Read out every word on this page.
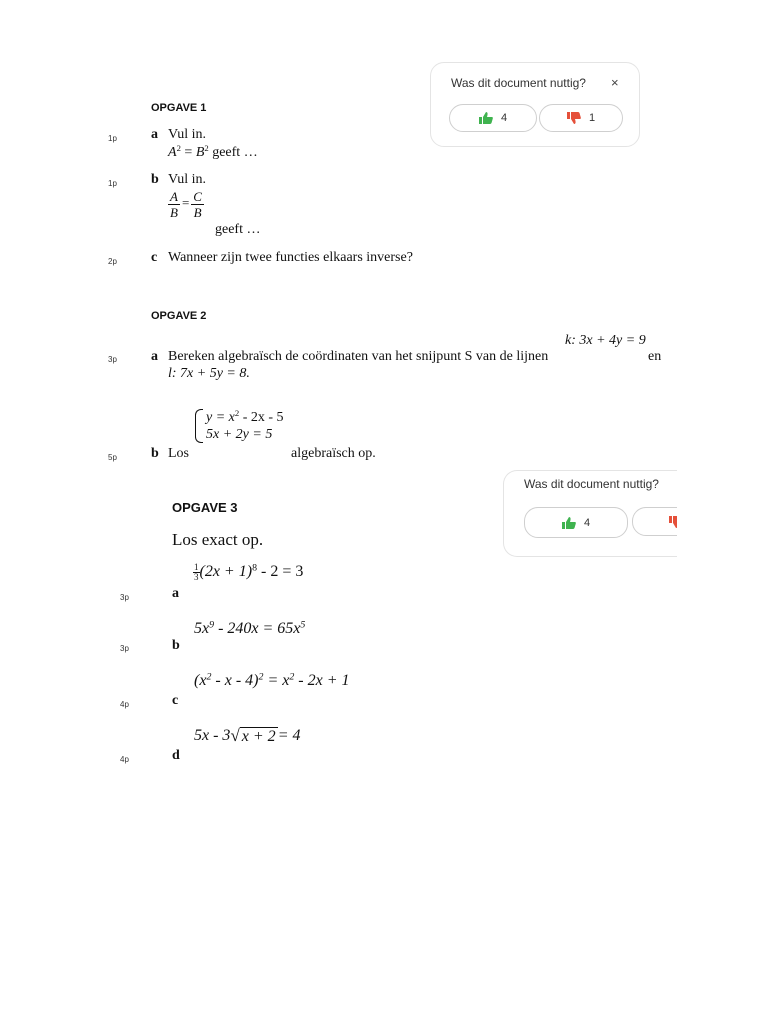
Was dit document nuttig? ×
4	1
OPGAVE 1
1p a Vul in.
$A^2 = B^2$ geeft …
1p b Vul in.
$\frac{A}{B} = \frac{C}{B}$
geeft …
2p c Wanneer zijn twee functies elkaars inverse?
OPGAVE 2
k: 3x + 4y = 9
3p a Bereken algebraïsch de coördinaten van het snijpunt S van de lijnen	en
l: 7x + 5y = 8.
$y = x^2 - 2x - 5$
5x + 2y = 5
5p b Los	algebraïsch op.
Was dit document nuttig?
4
OPGAVE 3
Los exact op.
$\frac{1}{3} (2x + 1)^8 - 2 = 3$
3p	a
$5x^9 - 240x = 65x^5$
3p	b
$(x^2 - x - 4)^2 = x^2 - 2x + 1$
4p	c
5x - 3 √ x + 2 = 4
4p	d
